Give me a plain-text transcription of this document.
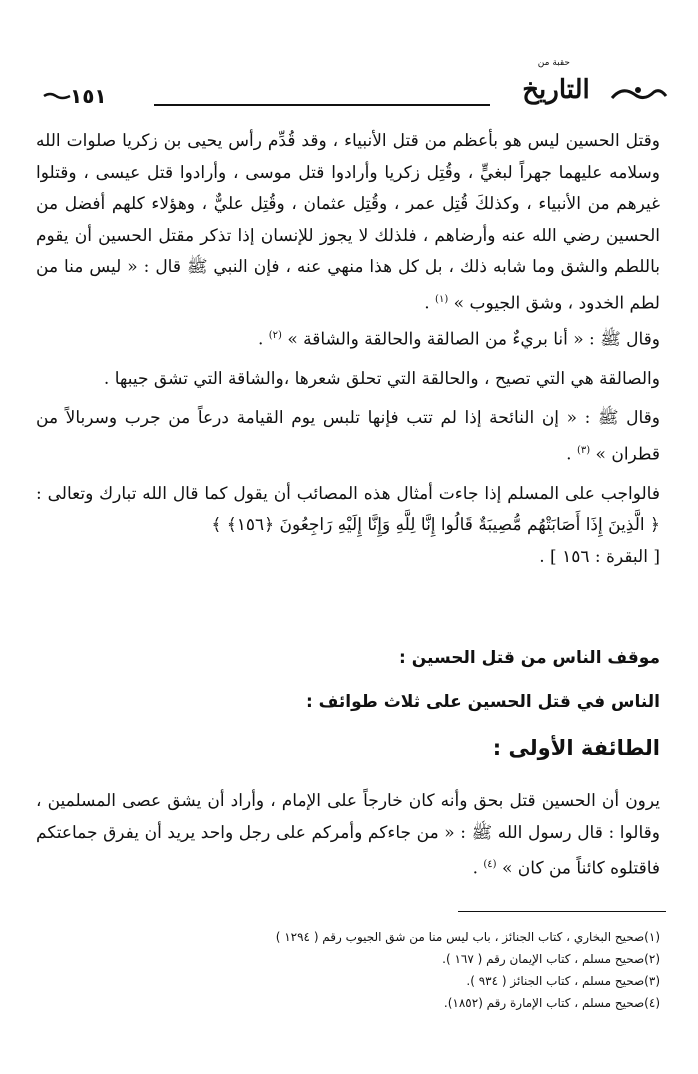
١٥١
حقبة من
التاريخ

وقتل الحسين ليس هو بأعظم من قتل الأنبياء ، وقد قُدِّم رأس يحيى بن زكريا صلوات الله وسلامه عليهما جهراً لبغيٍّ ، وقُتِل زكريا وأرادوا قتل موسى ، وأرادوا قتل عيسى ، وقتلوا غيرهم من الأنبياء ، وكذلكَ قُتِل عمر ، وقُتِل عثمان ، وقُتِل عليٌّ ، وهؤلاء كلهم أفضل من الحسين رضي الله عنه وأرضاهم ، فلذلك لا يجوز للإنسان إذا تذكر مقتل الحسين أن يقوم باللطم والشق وما شابه ذلك ، بل كل هذا منهي عنه ، فإن النبي ﷺ قال : « ليس منا من لطم الخدود ، وشق الجيوب » $^{(١)}$ .

وقال ﷺ : « أنا بريءٌ من الصالقة والحالقة والشاقة » $^{(٢)}$ .

والصالقة هي التي تصيح ، والحالقة التي تحلق شعرها ،والشاقة التي تشق جيبها .

وقال ﷺ : « إن النائحة إذا لم تتب فإنها تلبس يوم القيامة درعاً من جرب وسربالاً من قطران » $^{(٣)}$ .

فالواجب على المسلم إذا جاءت أمثال هذه المصائب أن يقول كما قال الله تبارك وتعالى : ﴿ الَّذِينَ إِذَا أَصَابَتْهُم مُّصِيبَةٌ قَالُوا إِنَّا لِلَّهِ وَإِنَّا إِلَيْهِ رَاجِعُونَ ﴿١٥٦﴾ ﴾
[ البقرة : ١٥٦ ] .

موقف الناس من قتل الحسين :
الناس في قتل الحسين على ثلاث طوائف :
الطائفة الأولى :

يرون أن الحسين قتل بحق وأنه كان خارجاً على الإمام ، وأراد أن يشق عصى المسلمين ، وقالوا : قال رسول الله ﷺ : « من جاءكم وأمركم على رجل واحد يريد أن يفرق جماعتكم فاقتلوه كائناً من كان » $^{(٤)}$ .

(١)صحيح البخاري ، كتاب الجنائز ، باب ليس منا من شق الجيوب رقم ( ١٢٩٤ )
(٢)صحيح مسلم ، كتاب الإيمان رقم ( ١٦٧ ).
(٣)صحيح مسلم ، كتاب الجنائز ( ٩٣٤ ).
(٤)صحيح مسلم ، كتاب الإمارة رقم (١٨٥٢).
